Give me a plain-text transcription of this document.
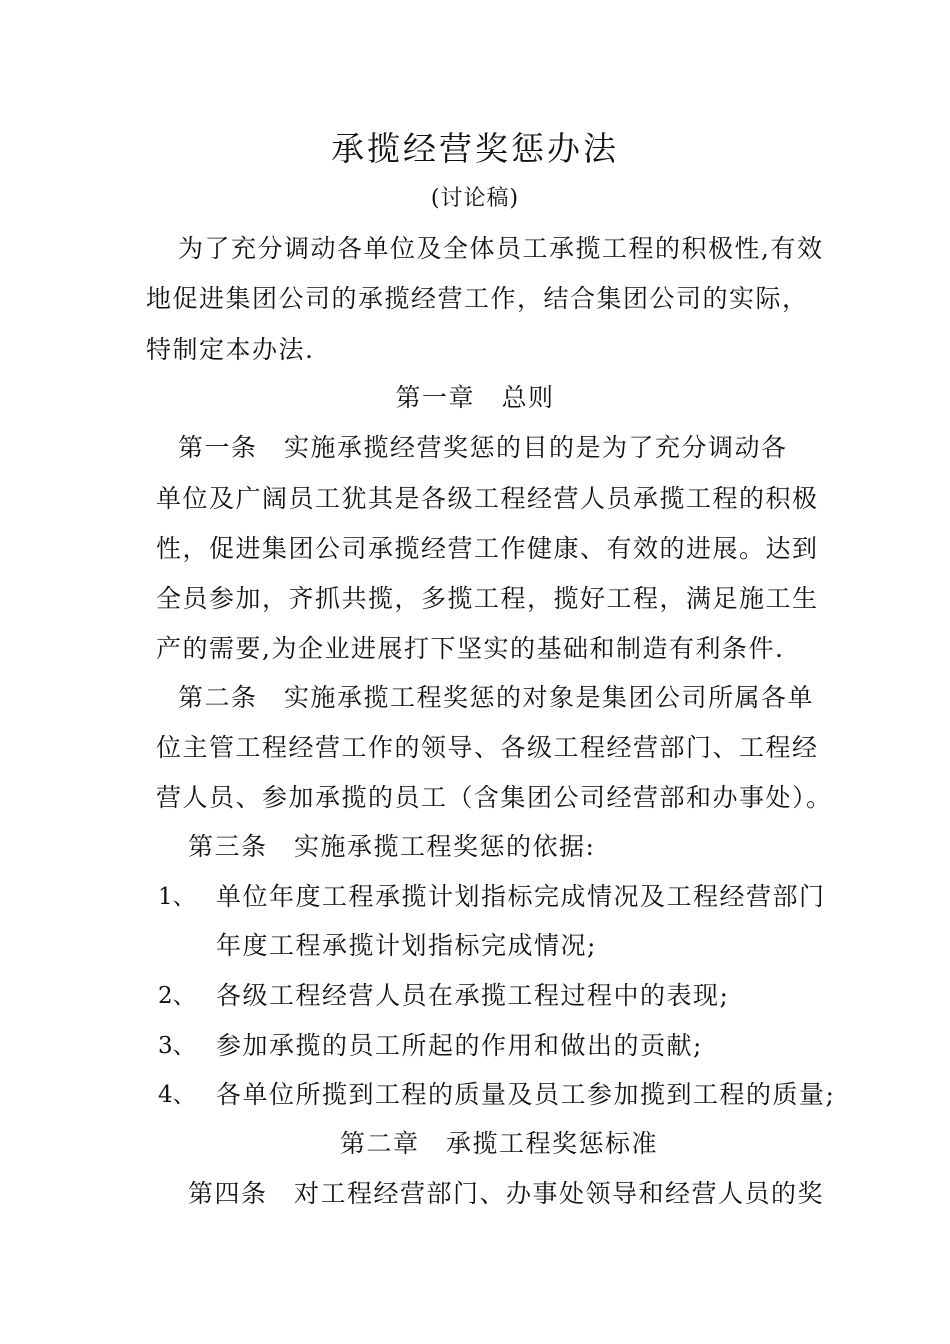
承揽经营奖惩办法
(讨论稿)
为了充分调动各单位及全体员工承揽工程的积极性,有效
地促进集团公司的承揽经营工作，结合集团公司的实际，
特制定本办法.
第一章　总则
第一条　实施承揽经营奖惩的目的是为了充分调动各
单位及广阔员工犹其是各级工程经营人员承揽工程的积极
性，促进集团公司承揽经营工作健康、有效的进展。达到
全员参加，齐抓共揽，多揽工程，揽好工程，满足施工生
产的需要,为企业进展打下坚实的基础和制造有利条件.
第二条　实施承揽工程奖惩的对象是集团公司所属各单
位主管工程经营工作的领导、各级工程经营部门、工程经
营人员、参加承揽的员工（含集团公司经营部和办事处）。
第三条　实施承揽工程奖惩的依据:
1、 单位年度工程承揽计划指标完成情况及工程经营部门
年度工程承揽计划指标完成情况;
2、 各级工程经营人员在承揽工程过程中的表现;
3、 参加承揽的员工所起的作用和做出的贡献;
4、 各单位所揽到工程的质量及员工参加揽到工程的质量;
第二章　承揽工程奖惩标准
第四条　对工程经营部门、办事处领导和经营人员的奖
